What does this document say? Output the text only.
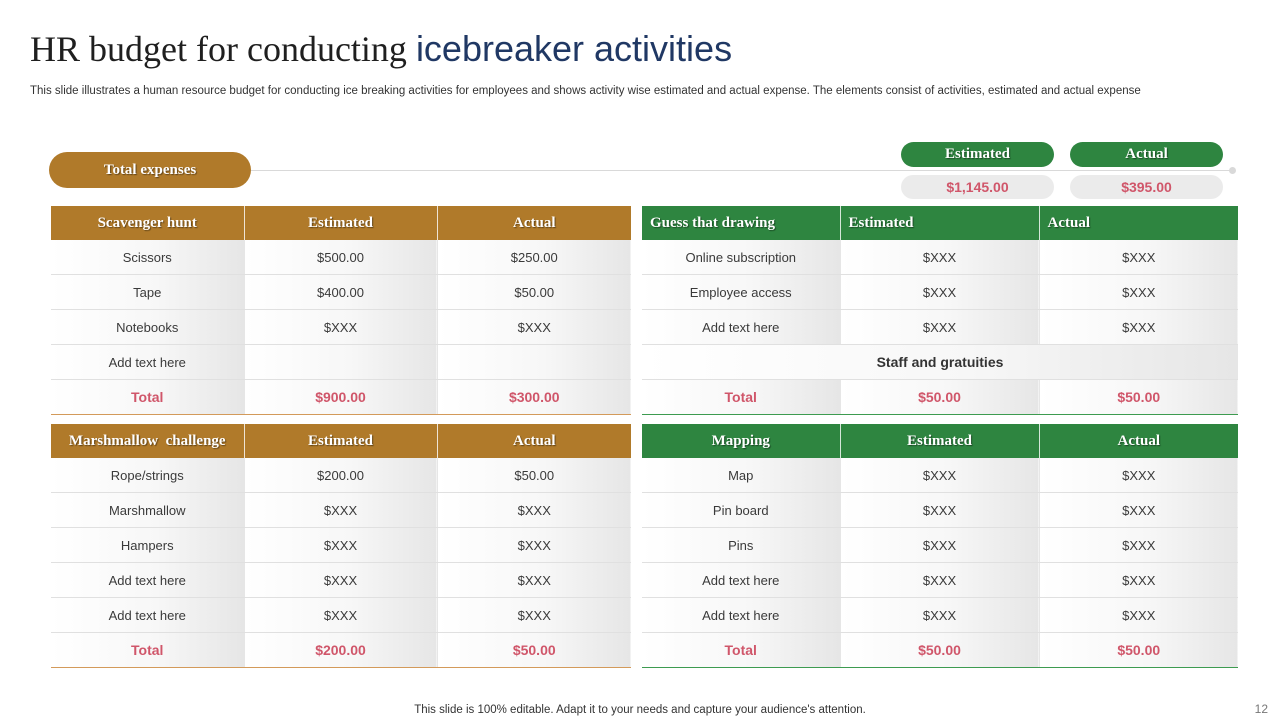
HR budget for conducting icebreaker activities
This slide illustrates a human resource budget for conducting ice breaking activities for employees and shows activity wise estimated and actual expense. The elements consist of activities, estimated and actual expense
Total expenses
Estimated	Actual
$1,145.00	$395.00
Scavenger hunt	Estimated	Actual
Scissors	$500.00	$250.00
Tape	$400.00	$50.00
Notebooks	$XXX	$XXX
Add text here		
Total	$900.00	$300.00
Guess that drawing	Estimated	Actual
Online subscription	$XXX	$XXX
Employee access	$XXX	$XXX
Add text here	$XXX	$XXX
Staff and gratuities		
Total	$50.00	$50.00
Marshmallow  challenge	Estimated	Actual
Rope/strings	$200.00	$50.00
Marshmallow	$XXX	$XXX
Hampers	$XXX	$XXX
Add text here	$XXX	$XXX
Add text here	$XXX	$XXX
Total	$200.00	$50.00
Mapping	Estimated	Actual
Map	$XXX	$XXX
Pin board	$XXX	$XXX
Pins	$XXX	$XXX
Add text here	$XXX	$XXX
Add text here	$XXX	$XXX
Total	$50.00	$50.00
This slide is 100% editable. Adapt it to your needs and capture your audience's attention.	12
